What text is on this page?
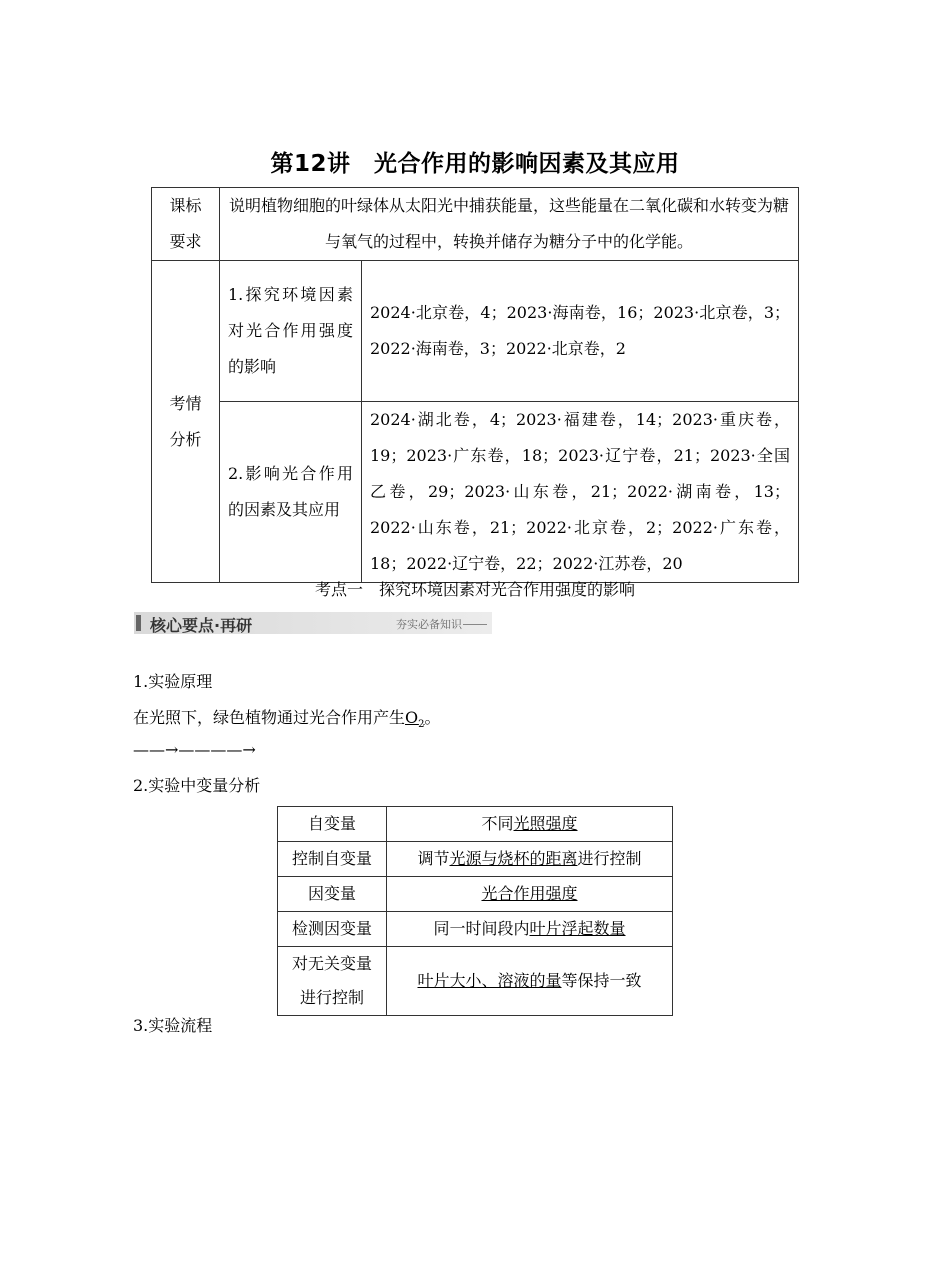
第12讲　光合作用的影响因素及其应用
课标要求	说明植物细胞的叶绿体从太阳光中捕获能量，这些能量在二氧化碳和水转变为糖与氧气的过程中，转换并储存为糖分子中的化学能。	

考情分析	1.探究环境因素对光合作用强度的影响	2024·北京卷，4；2023·海南卷，16；2023·北京卷，3；2022·海南卷，3；2022·北京卷，2
	2.影响光合作用的因素及其应用	2024·湖北卷，4；2023·福建卷，14；2023·重庆卷，19；2023·广东卷，18；2023·辽宁卷，21；2023·全国乙卷，29；2023·山东卷，21；2022·湖南卷，13；2022·山东卷，21；2022·北京卷，2；2022·广东卷，18；2022·辽宁卷，22；2022·江苏卷，20
考点一　探究环境因素对光合作用强度的影响
核心要点·再研	夯实必备知识
1.实验原理
在光照下，绿色植物通过光合作用产生$O_2$。
——→————→
2.实验中变量分析
自变量	不同光照强度
控制自变量	调节光源与烧杯的距离进行控制
因变量	光合作用强度
检测因变量	同一时间段内叶片浮起数量

对无关变量进行控制	叶片大小、溶液的量等保持一致
3.实验流程
